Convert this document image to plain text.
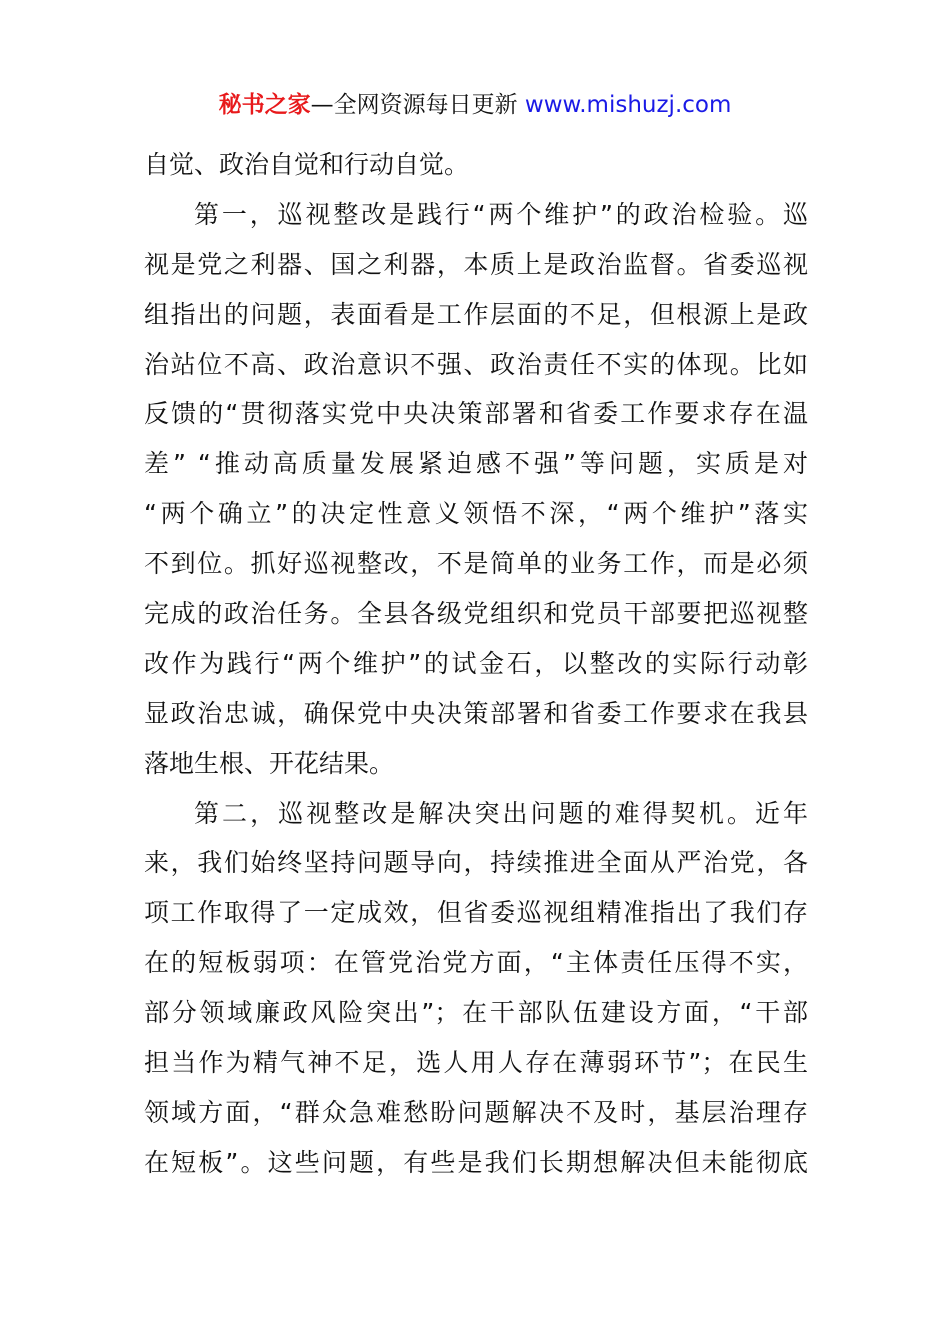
秘书之家—全网资源每日更新 www.mishuzj.com
自觉、政治自觉和行动自觉。
第一，巡视整改是践行“两个维护”的政治检验。巡
视是党之利器、国之利器，本质上是政治监督。省委巡视
组指出的问题，表面看是工作层面的不足，但根源上是政
治站位不高、政治意识不强、政治责任不实的体现。比如
反馈的“贯彻落实党中央决策部署和省委工作要求存在温
差” “推动高质量发展紧迫感不强”等问题，实质是对
“两个确立”的决定性意义领悟不深，“两个维护”落实
不到位。抓好巡视整改，不是简单的业务工作，而是必须
完成的政治任务。全县各级党组织和党员干部要把巡视整
改作为践行“两个维护”的试金石，以整改的实际行动彰
显政治忠诚，确保党中央决策部署和省委工作要求在我县
落地生根、开花结果。
第二，巡视整改是解决突出问题的难得契机。近年
来，我们始终坚持问题导向，持续推进全面从严治党，各
项工作取得了一定成效，但省委巡视组精准指出了我们存
在的短板弱项：在管党治党方面，“主体责任压得不实，
部分领域廉政风险突出”；在干部队伍建设方面，“干部
担当作为精气神不足，选人用人存在薄弱环节”；在民生
领域方面，“群众急难愁盼问题解决不及时，基层治理存
在短板”。这些问题，有些是我们长期想解决但未能彻底
